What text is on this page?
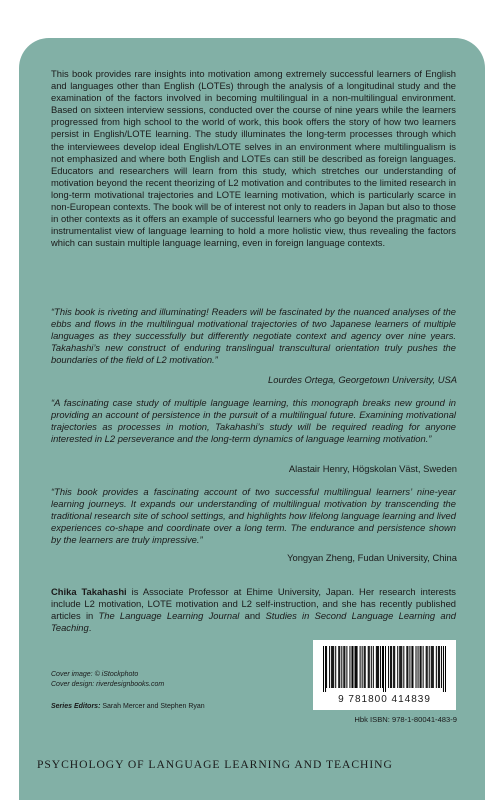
This book provides rare insights into motivation among extremely successful learners of English and languages other than English (LOTEs) through the analysis of a longitudinal study and the examination of the factors involved in becoming multilingual in a non-multilingual environment. Based on sixteen interview sessions, conducted over the course of nine years while the learners progressed from high school to the world of work, this book offers the story of how two learners persist in English/LOTE learning. The study illuminates the long-term processes through which the interviewees develop ideal English/LOTE selves in an environment where multilingualism is not emphasized and where both English and LOTEs can still be described as foreign languages. Educators and researchers will learn from this study, which stretches our understanding of motivation beyond the recent theorizing of L2 motivation and contributes to the limited research in long-term motivational trajectories and LOTE learning motivation, which is particularly scarce in non-European contexts. The book will be of interest not only to readers in Japan but also to those in other contexts as it offers an example of successful learners who go beyond the pragmatic and instrumentalist view of language learning to hold a more holistic view, thus revealing the factors which can sustain multiple language learning, even in foreign language contexts.

“This book is riveting and illuminating! Readers will be fascinated by the nuanced analyses of the ebbs and flows in the multilingual motivational trajectories of two Japanese learners of multiple languages as they successfully but differently negotiate context and agency over nine years. Takahashi’s new construct of enduring translingual transcultural orientation truly pushes the boundaries of the field of L2 motivation.”

Lourdes Ortega, Georgetown University, USA

“A fascinating case study of multiple language learning, this monograph breaks new ground in providing an account of persistence in the pursuit of a multilingual future. Examining motivational trajectories as processes in motion, Takahashi’s study will be required reading for anyone interested in L2 perseverance and the long-term dynamics of language learning motivation.”

Alastair Henry, Högskolan Väst, Sweden

“This book provides a fascinating account of two successful multilingual learners’ nine-year learning journeys. It expands our understanding of multilingual motivation by transcending the traditional research site of school settings, and highlights how lifelong language learning and lived experiences co-shape and coordinate over a long term. The endurance and persistence shown by the learners are truly impressive.”

Yongyan Zheng, Fudan University, China

Chika Takahashi is Associate Professor at Ehime University, Japan. Her research interests include L2 motivation, LOTE motivation and L2 self-instruction, and she has recently published articles in The Language Learning Journal and Studies in Second Language Learning and Teaching.

Cover image: © iStockphoto
Cover design: riverdesignbooks.com
Series Editors: Sarah Mercer and Stephen Ryan
9 781800 414839
Hbk ISBN: 978-1-80041-483-9
PSYCHOLOGY OF LANGUAGE LEARNING AND TEACHING
